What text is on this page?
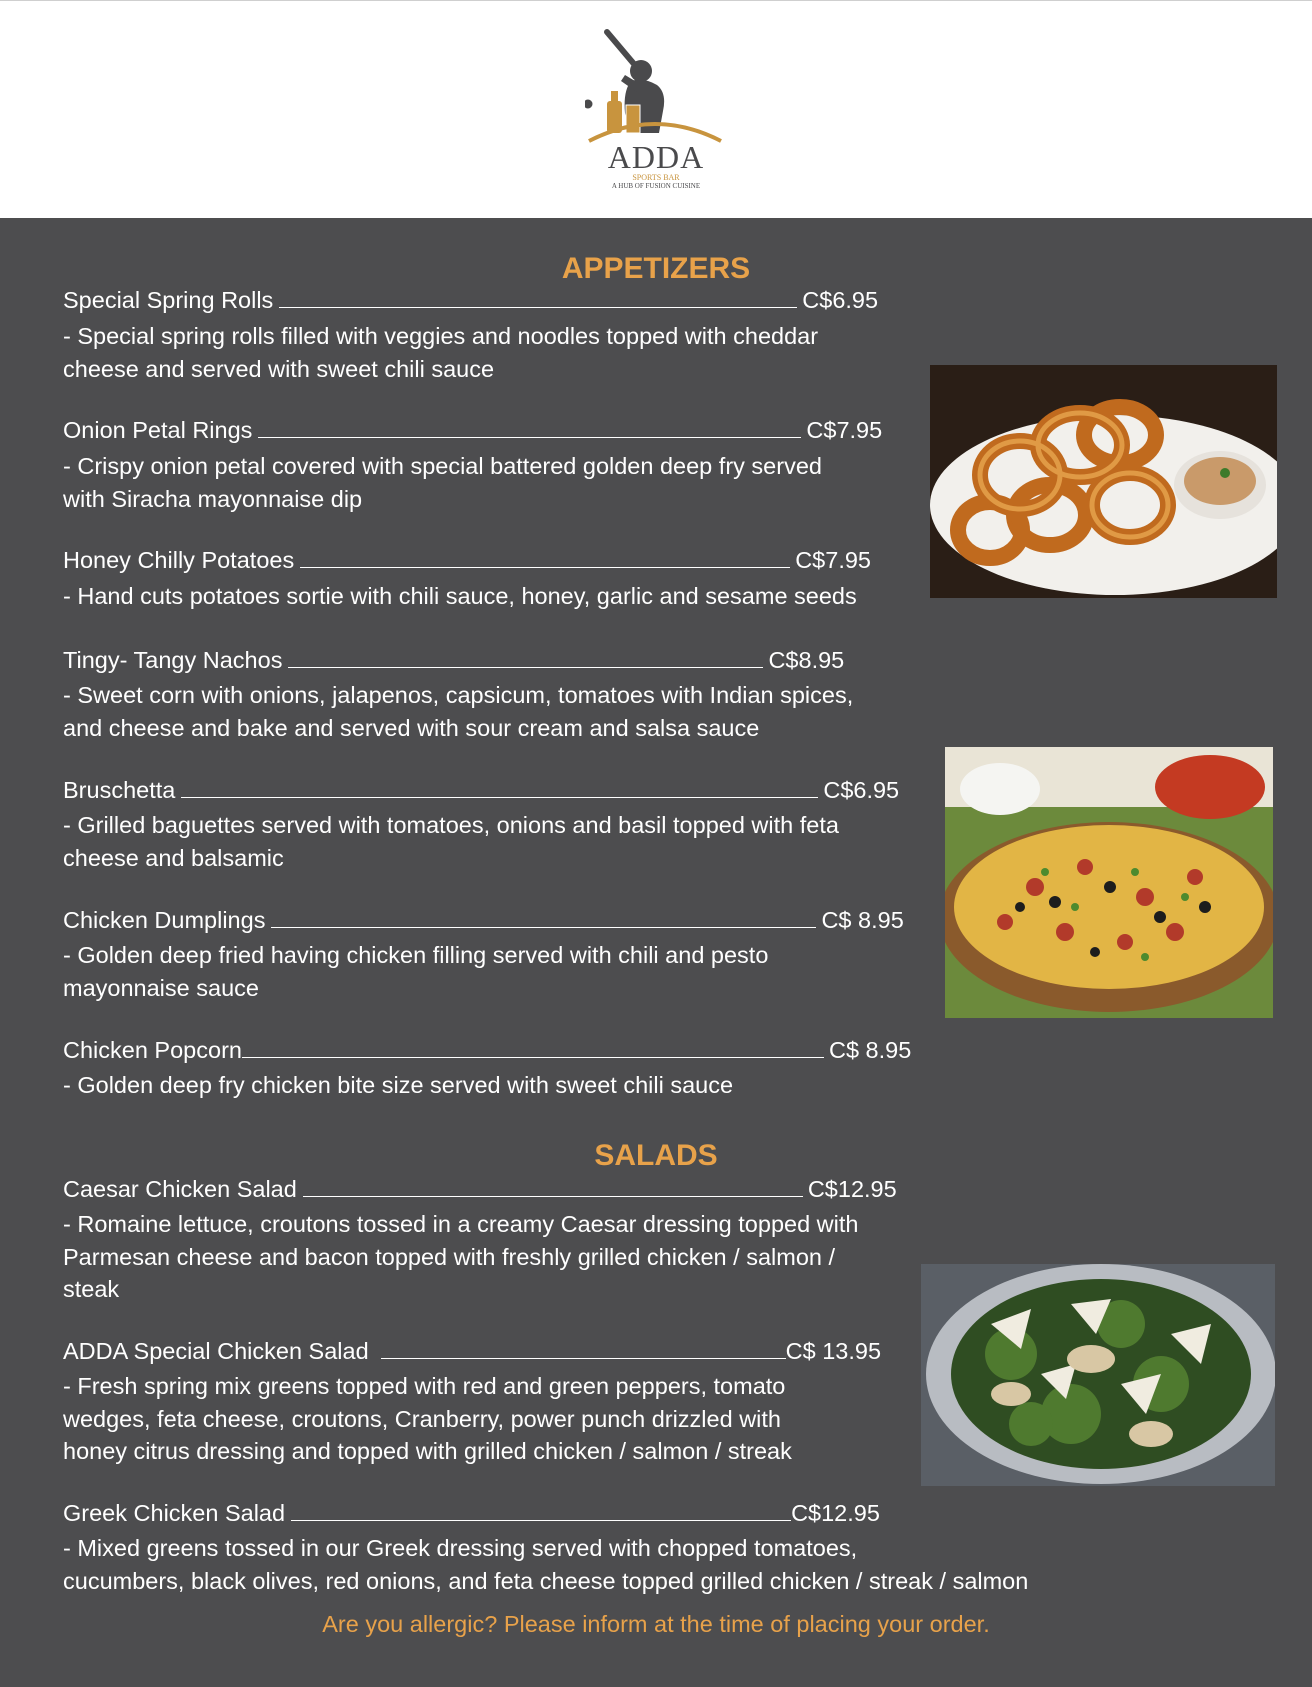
ADDA
SPORTS BAR
A HUB OF FUSION CUISINE
APPETIZERS
Special Spring Rolls	C$6.95
- Special spring rolls filled with veggies and noodles topped with cheddar
cheese and served with sweet chili sauce
Onion Petal Rings	C$7.95
- Crispy onion petal covered with special battered golden deep fry served
with Siracha mayonnaise dip
Honey Chilly Potatoes	C$7.95
- Hand cuts potatoes sortie with chili sauce, honey, garlic and sesame seeds
Tingy- Tangy Nachos	C$8.95
- Sweet corn with onions, jalapenos, capsicum, tomatoes with Indian spices,
and cheese and bake and served with sour cream and salsa sauce
Bruschetta	C$6.95
- Grilled baguettes served with tomatoes, onions and basil topped with feta
cheese and balsamic
Chicken Dumplings	C$ 8.95
- Golden deep fried having chicken filling served with chili and pesto
mayonnaise sauce
Chicken Popcorn	C$ 8.95
- Golden deep fry chicken bite size served with sweet chili sauce
SALADS
Caesar Chicken Salad	C$12.95
- Romaine lettuce, croutons tossed in a creamy Caesar dressing topped with
Parmesan cheese and bacon topped with freshly grilled chicken / salmon /
steak
ADDA Special Chicken Salad	C$ 13.95
- Fresh spring mix greens topped with red and green peppers, tomato
wedges, feta cheese, croutons, Cranberry, power punch drizzled with
honey citrus dressing and topped with grilled chicken / salmon / streak
Greek Chicken Salad	C$12.95
- Mixed greens tossed in our Greek dressing served with chopped tomatoes,
cucumbers, black olives, red onions, and feta cheese topped grilled chicken / streak / salmon
Are you allergic? Please inform at the time of placing your order.
